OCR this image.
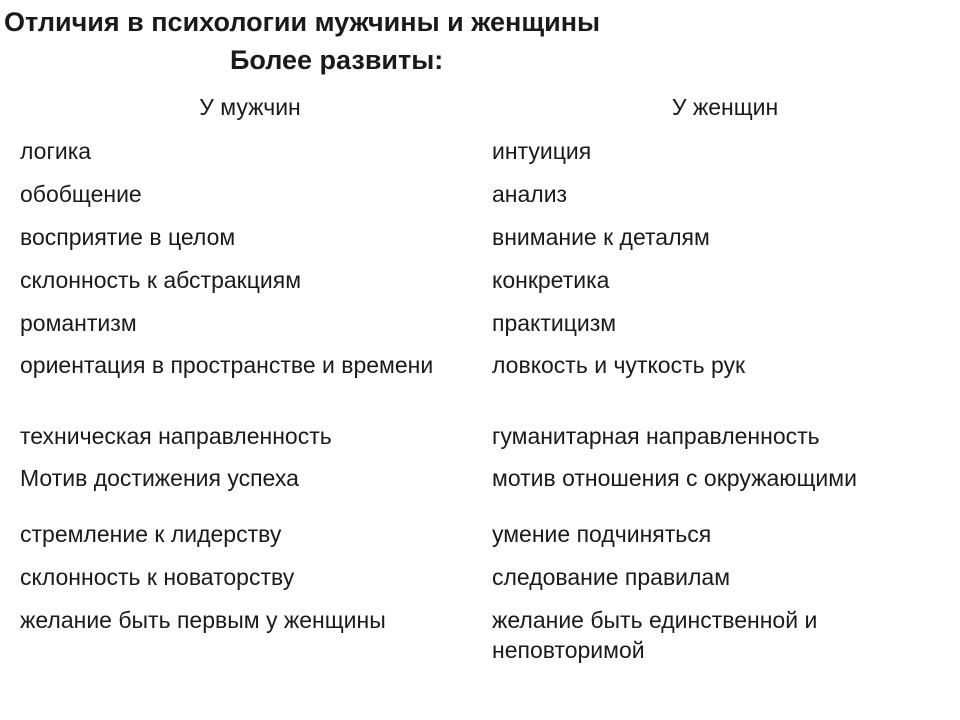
Отличия в психологии мужчины и женщины
Более развиты:
У мужчин	У женщин
логика	интуиция
обобщение	анализ
восприятие в целом	внимание к деталям
склонность к абстракциям	конкретика
романтизм	практицизм
ориентация в пространстве и времени	ловкость и чуткость рук
техническая направленность	гуманитарная направленность
Мотив достижения успеха	мотив отношения с окружающими
стремление к лидерству	умение подчиняться
склонность к новаторству	следование правилам
желание быть первым у женщины	желание быть единственной и неповторимой
